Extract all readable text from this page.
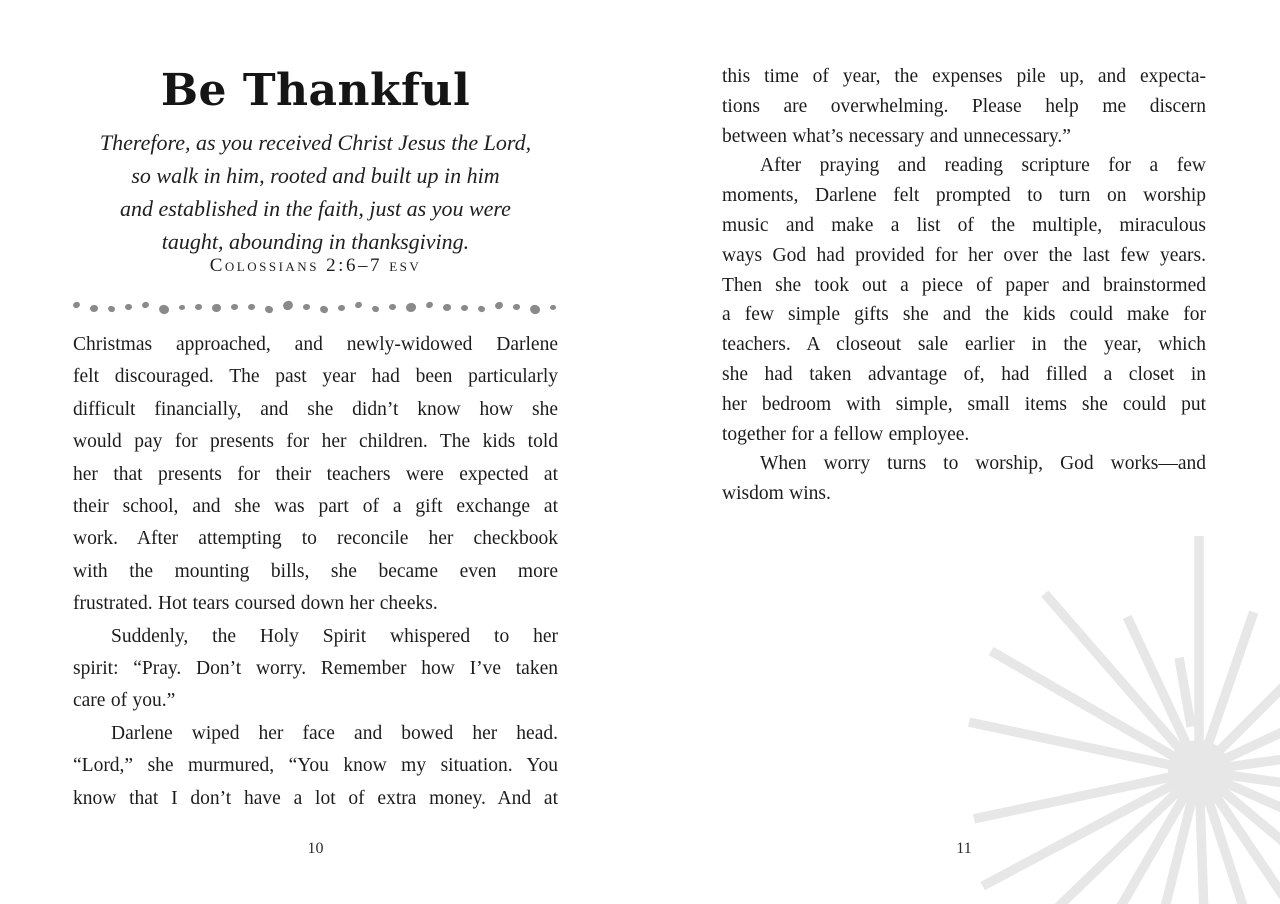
Be Thankful
Therefore, as you received Christ Jesus the Lord,
so walk in him, rooted and built up in him
and established in the faith, just as you were
taught, abounding in thanksgiving.
Colossians 2:6–7 esv
Christmas approached, and newly-widowed Darlene
felt discouraged. The past year had been particularly
difficult financially, and she didn’t know how she
would pay for presents for her children. The kids told
her that presents for their teachers were expected at
their school, and she was part of a gift exchange at
work. After attempting to reconcile her checkbook
with the mounting bills, she became even more
frustrated. Hot tears coursed down her cheeks.
Suddenly, the Holy Spirit whispered to her
spirit: “Pray. Don’t worry. Remember how I’ve taken
care of you.”
Darlene wiped her face and bowed her head.
“Lord,” she murmured, “You know my situation. You
know that I don’t have a lot of extra money. And at
10
this time of year, the expenses pile up, and expecta-
tions are overwhelming. Please help me discern
between what’s necessary and unnecessary.”
After praying and reading scripture for a few
moments, Darlene felt prompted to turn on worship
music and make a list of the multiple, miraculous
ways God had provided for her over the last few years.
Then she took out a piece of paper and brainstormed
a few simple gifts she and the kids could make for
teachers. A closeout sale earlier in the year, which
she had taken advantage of, had filled a closet in
her bedroom with simple, small items she could put
together for a fellow employee.
When worry turns to worship, God works—and
wisdom wins.
11
